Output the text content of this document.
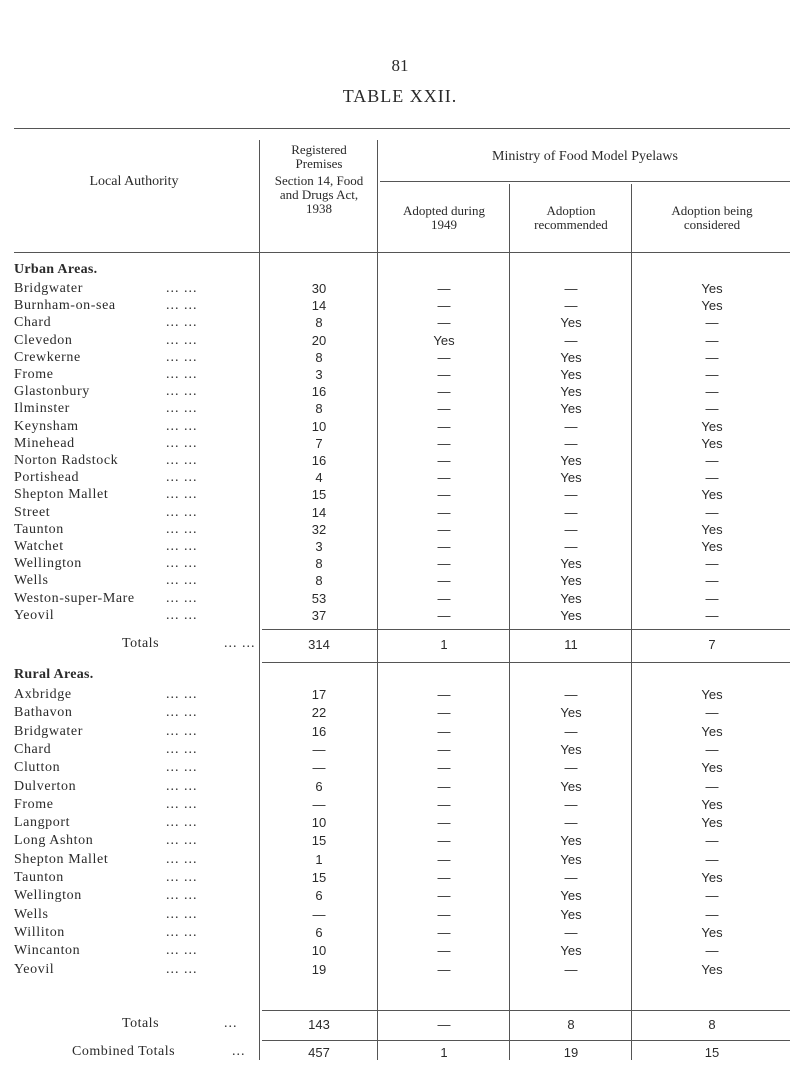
81
TABLE XXII.
Local Authority
Registered
Premises
Section 14, Food
and Drugs Act,
1938
Ministry of Food Model Pyelaws
Adopted during
1949
Adoption
recommended
Adoption being
considered
Urban Areas.
Bridgwater	... ...	30	—	—	Yes
Burnham-on-sea	... ...	14	—	—	Yes
Chard	... ...	8	—	Yes	—
Clevedon	... ...	20	Yes	—	—
Crewkerne	... ...	8	—	Yes	—
Frome	... ...	3	—	Yes	—
Glastonbury	... ...	16	—	Yes	—
Ilminster	... ...	8	—	Yes	—
Keynsham	... ...	10	—	—	Yes
Minehead	... ...	7	—	—	Yes
Norton Radstock	... ...	16	—	Yes	—
Portishead	... ...	4	—	Yes	—
Shepton Mallet	... ...	15	—	—	Yes
Street	... ...	14	—	—	—
Taunton	... ...	32	—	—	Yes
Watchet	... ...	3	—	—	Yes
Wellington	... ...	8	—	Yes	—
Wells	... ...	8	—	Yes	—
Weston-super-Mare ... ...	53	—	Yes	—
Yeovil	... ...	37	—	Yes	—
Totals	... ...	314	1	11	7
Rural Areas.
Axbridge	... ...	17	—	—	Yes
Bathavon	... ...	22	—	Yes	—
Bridgwater	... ...	16	—	—	Yes
Chard	... ...	—	—	Yes	—
Clutton	... ...	—	—	—	Yes
Dulverton	... ...	6	—	Yes	—
Frome	... ...	—	—	—	Yes
Langport	... ...	10	—	—	Yes
Long Ashton	... ...	15	—	Yes	—
Shepton Mallet	... ...	1	—	Yes	—
Taunton	... ...	15	—	—	Yes
Wellington	... ...	6	—	Yes	—
Wells	... ...	—	—	Yes	—
Williton	... ...	6	—	—	Yes
Wincanton	... ...	10	—	Yes	—
Yeovil	... ...	19	—	—	Yes
Totals	...	143	—	8	8
Combined Totals	...	457	1	19	15
